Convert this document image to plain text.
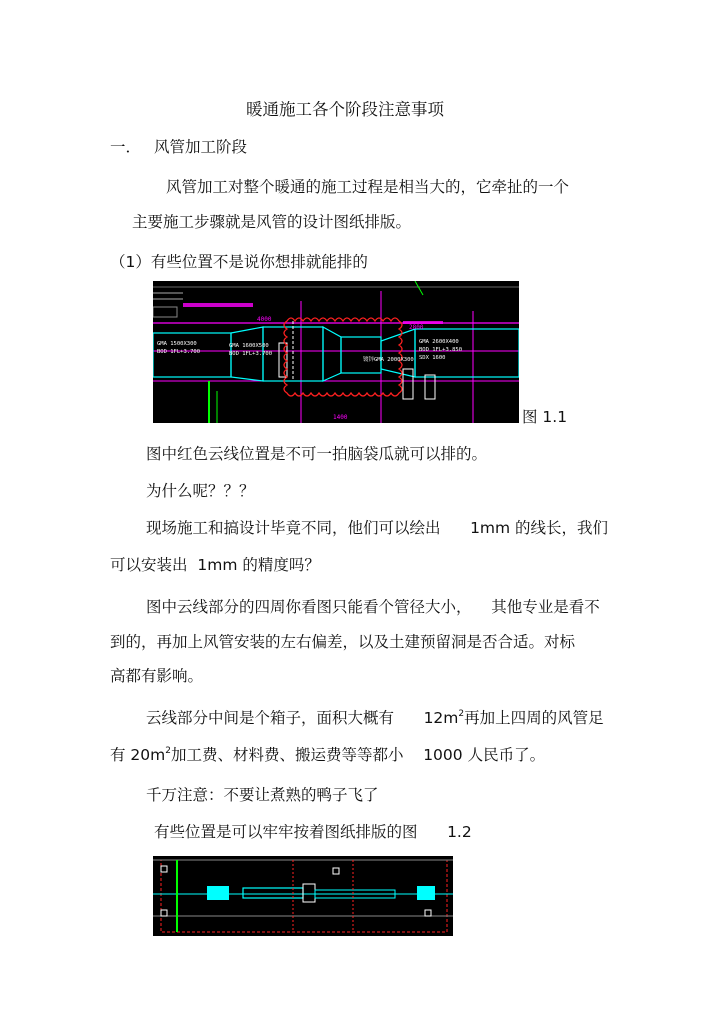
暖通施工各个阶段注意事项
一． 风管加工阶段
风管加工对整个暖通的施工过程是相当大的，它牵扯的一个
主要施工步骤就是风管的设计图纸排版。
（1）有些位置不是说你想排就能排的
GMA 1500X300
BOD 1FL+3.700
GMA 1600X500
BOD 1FL+3.700
GMA 2600X400
BOD 1FL+3.850
SDX 1600
镀锌GMA 2000X300
4000
2800
1400	图 1.1
图中红色云线位置是不可一拍脑袋瓜就可以排的。
为什么呢？？？
现场施工和搞设计毕竟不同，他们可以绘出      1mm 的线长，我们
可以安装出  1mm 的精度吗？
图中云线部分的四周你看图只能看个管径大小，    其他专业是看不
到的，再加上风管安装的左右偏差，以及土建预留洞是否合适。对标
高都有影响。
云线部分中间是个箱子，面积大概有      $12m^2$再加上四周的风管足
有 $20m^2$加工费、材料费、搬运费等等都小    1000 人民币了。
千万注意：不要让煮熟的鸭子飞了
有些位置是可以牢牢按着图纸排版的图      1.2
